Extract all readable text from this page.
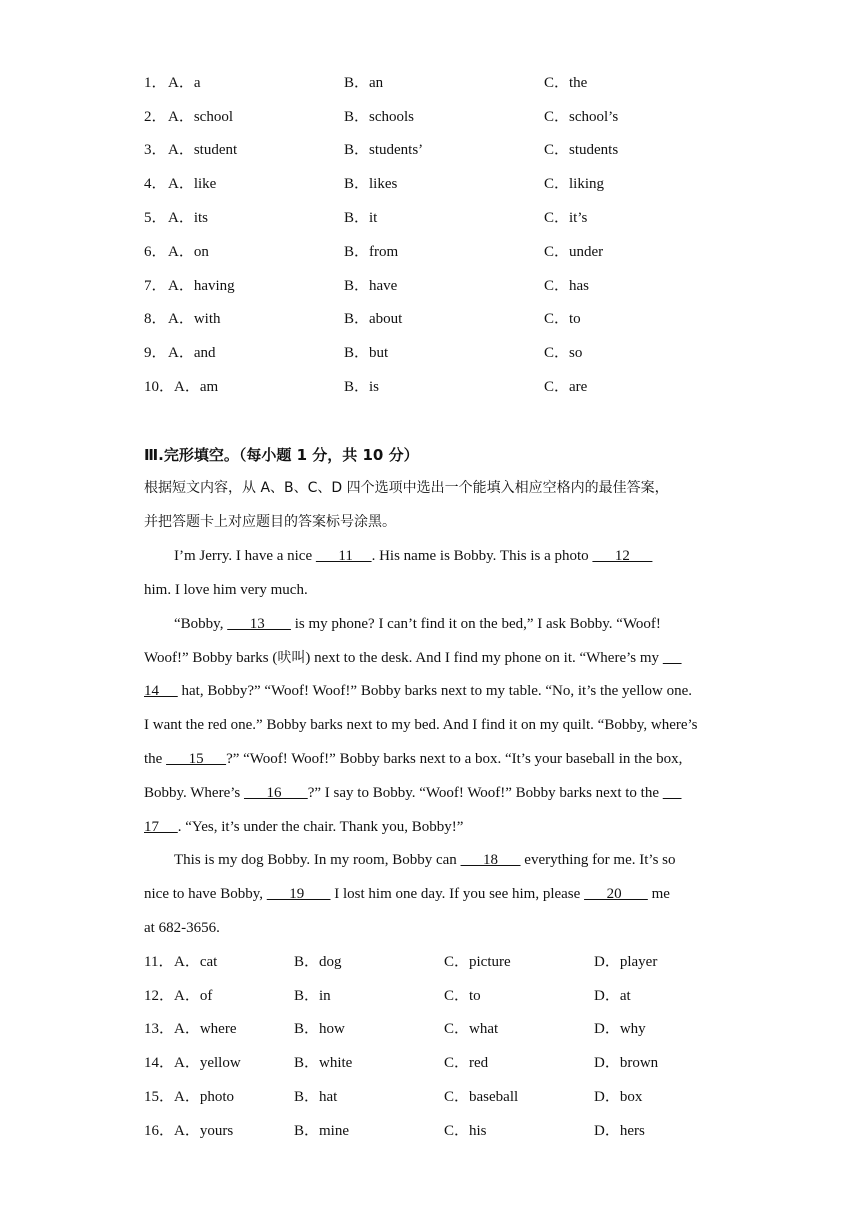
1． A．a	B．an	C．the
2． A．school	B．schools	C．school’s
3． A．student	B．students’	C．students
4． A．like	B．likes	C．liking
5． A．its	B．it	C．it’s
6． A．on	B．from	C．under
7． A．having	B．have	C．has
8． A．with	B．about	C．to
9． A．and	B．but	C．so
10． A．am	B．is	C．are
Ⅲ.完形填空。（每小题 1 分，共 10 分）
根据短文内容，从 A、B、C、D 四个选项中选出一个能填入相应空格内的最佳答案，
并把答题卡上对应题目的答案标号涂黑。
I’m Jerry. I have a nice       11     . His name is Bobby. This is a photo       12
him. I love him very much.
“Bobby,       13        is my phone? I can’t find it on the bed,” I ask Bobby. “Woof!
Woof!” Bobby barks (吠叫) next to the desk. And I find my phone on it. “Where’s my
14      hat, Bobby?” “Woof! Woof!” Bobby barks next to my table. “No, it’s the yellow one.
I want the red one.” Bobby barks next to my bed. And I find it on my quilt. “Bobby, where’s
the       15      ?” “Woof! Woof!” Bobby barks next to a box. “It’s your baseball in the box,
Bobby. Where’s       16       ?” I say to Bobby. “Woof! Woof!” Bobby barks next to the
17     . “Yes, it’s under the chair. Thank you, Bobby!”
This is my dog Bobby. In my room, Bobby can       18       everything for me. It’s so
nice to have Bobby,       19        I lost him one day. If you see him, please       20        me
at 682-3656.
11． A．cat	B．dog	C．picture	D．player
12． A．of	B．in	C．to	D．at
13． A．where	B．how	C．what	D．why
14． A．yellow	B．white	C．red	D．brown
15． A．photo	B．hat	C．baseball	D．box
16． A．yours	B．mine	C．his	D．hers
